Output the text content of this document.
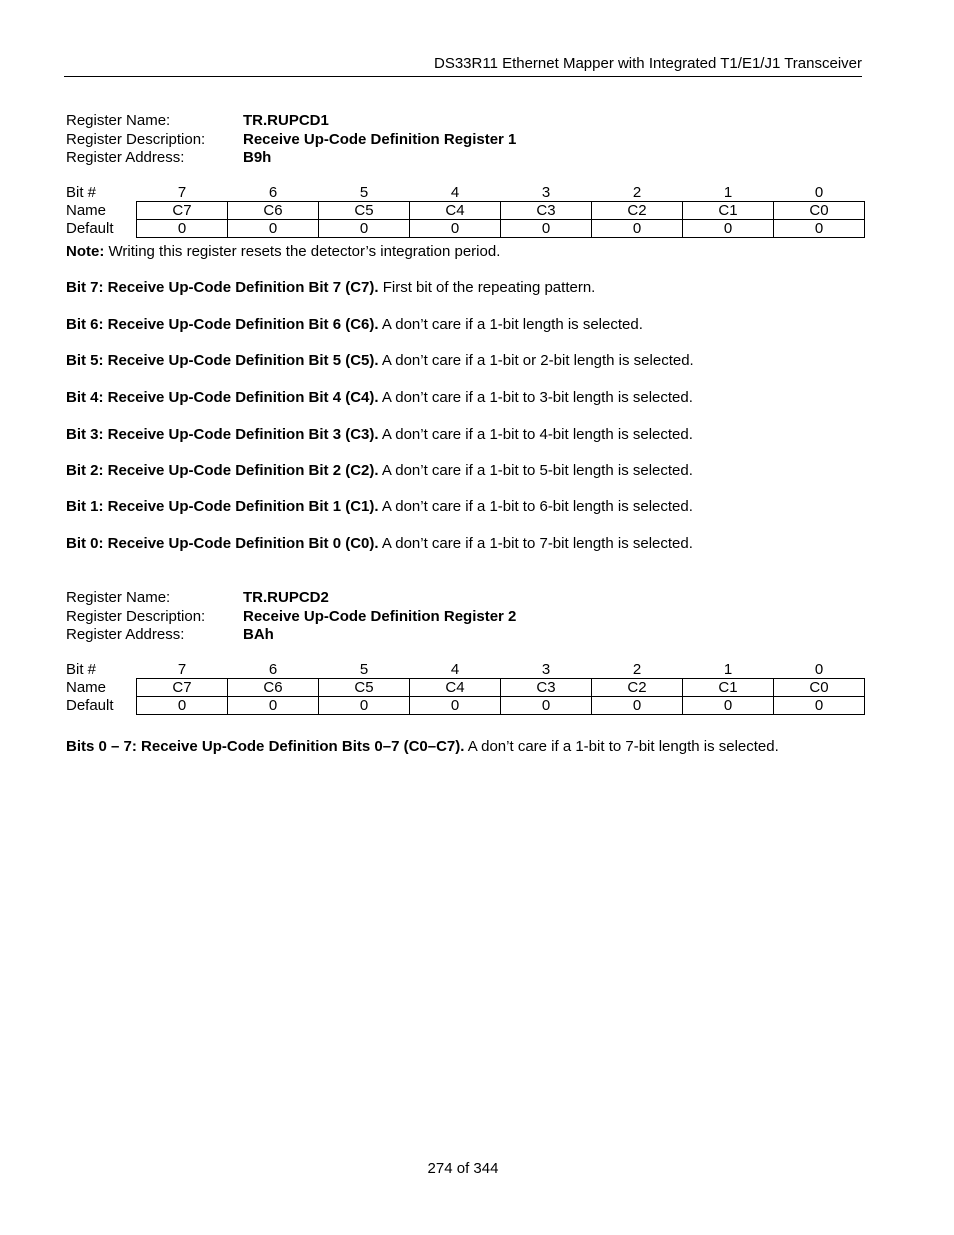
DS33R11 Ethernet Mapper with Integrated T1/E1/J1 Transceiver
Register Name:	TR.RUPCD1
Register Description:	Receive Up-Code Definition Register 1
Register Address:	B9h
Bit #	7	6	5	4	3	2	1	0
Name	C7	C6	C5	C4	C3	C2	C1	C0
Default	0	0	0	0	0	0	0	0
Note: Writing this register resets the detector’s integration period.
Bit 7: Receive Up-Code Definition Bit 7 (C7). First bit of the repeating pattern.
Bit 6: Receive Up-Code Definition Bit 6 (C6). A don’t care if a 1-bit length is selected.
Bit 5: Receive Up-Code Definition Bit 5 (C5). A don’t care if a 1-bit or 2-bit length is selected.
Bit 4: Receive Up-Code Definition Bit 4 (C4). A don’t care if a 1-bit to 3-bit length is selected.
Bit 3: Receive Up-Code Definition Bit 3 (C3). A don’t care if a 1-bit to 4-bit length is selected.
Bit 2: Receive Up-Code Definition Bit 2 (C2). A don’t care if a 1-bit to 5-bit length is selected.
Bit 1: Receive Up-Code Definition Bit 1 (C1). A don’t care if a 1-bit to 6-bit length is selected.
Bit 0: Receive Up-Code Definition Bit 0 (C0). A don’t care if a 1-bit to 7-bit length is selected.
Register Name:	TR.RUPCD2
Register Description:	Receive Up-Code Definition Register 2
Register Address:	BAh
Bit #	7	6	5	4	3	2	1	0
Name	C7	C6	C5	C4	C3	C2	C1	C0
Default	0	0	0	0	0	0	0	0
Bits 0 – 7: Receive Up-Code Definition Bits 0–7 (C0–C7). A don’t care if a 1-bit to 7-bit length is selected.
274 of 344
